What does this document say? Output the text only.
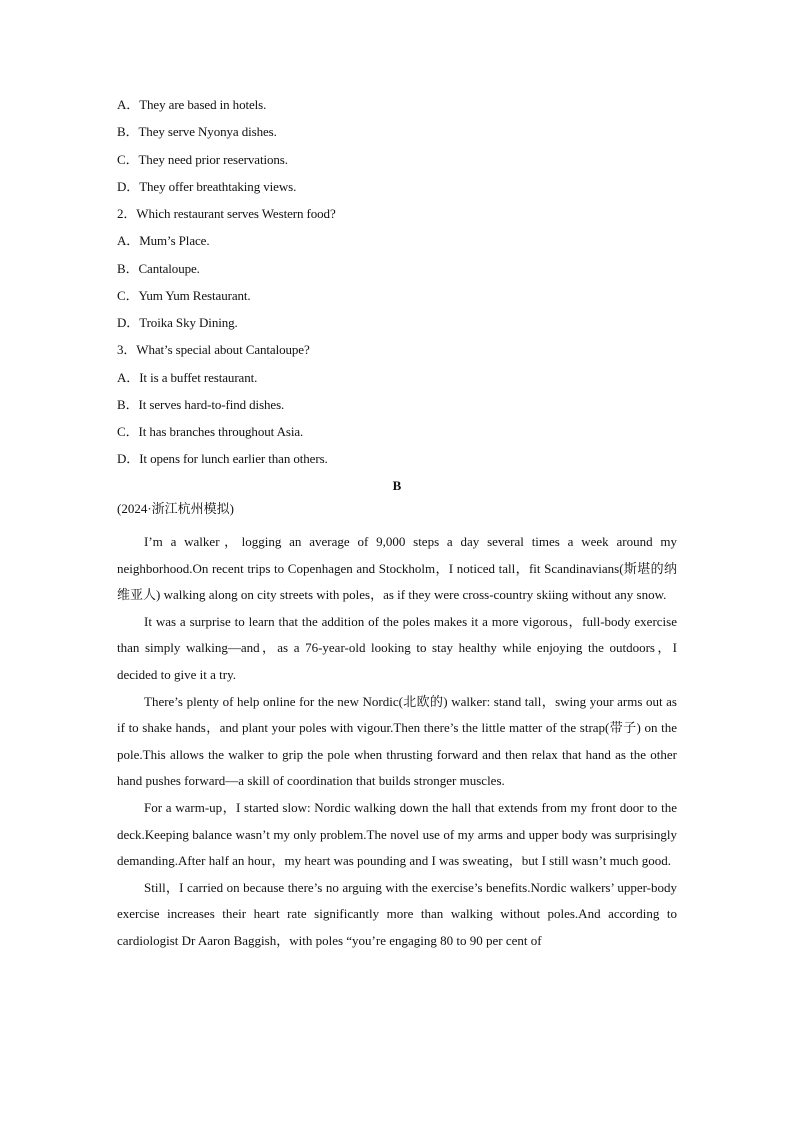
A．They are based in hotels.
B．They serve Nyonya dishes.
C．They need prior reservations.
D．They offer breathtaking views.
2．Which restaurant serves Western food?
A．Mum’s Place.
B．Cantaloupe.
C．Yum Yum Restaurant.
D．Troika Sky Dining.
3．What’s special about Cantaloupe?
A．It is a buffet restaurant.
B．It serves hard-to-find dishes.
C．It has branches throughout Asia.
D．It opens for lunch earlier than others.
B
(2024·浙江杭州模拟)

I’m a walker，logging an average of 9,000 steps a day several times a week around my neighborhood.On recent trips to Copenhagen and Stockholm，I noticed tall，fit Scandinavians(斯堪的纳维亚人) walking along on city streets with poles，as if they were cross-country skiing without any snow.

It was a surprise to learn that the addition of the poles makes it a more vigorous，full-body exercise than simply walking—and，as a 76-year-old looking to stay healthy while enjoying the outdoors，I decided to give it a try.

There’s plenty of help online for the new Nordic(北欧的) walker: stand tall，swing your arms out as if to shake hands，and plant your poles with vigour.Then there’s the little matter of the strap(带子) on the pole.This allows the walker to grip the pole when thrusting forward and then relax that hand as the other hand pushes forward—a skill of coordination that builds stronger muscles.

For a warm-up，I started slow: Nordic walking down the hall that extends from my front door to the deck.Keeping balance wasn’t my only problem.The novel use of my arms and upper body was surprisingly demanding.After half an hour，my heart was pounding and I was sweating，but I still wasn’t much good.

Still，I carried on because there’s no arguing with the exercise’s benefits.Nordic walkers’ upper-body exercise increases their heart rate significantly more than walking without poles.And according to cardiologist Dr Aaron Baggish，with poles “you’re engaging 80 to 90 per cent of
